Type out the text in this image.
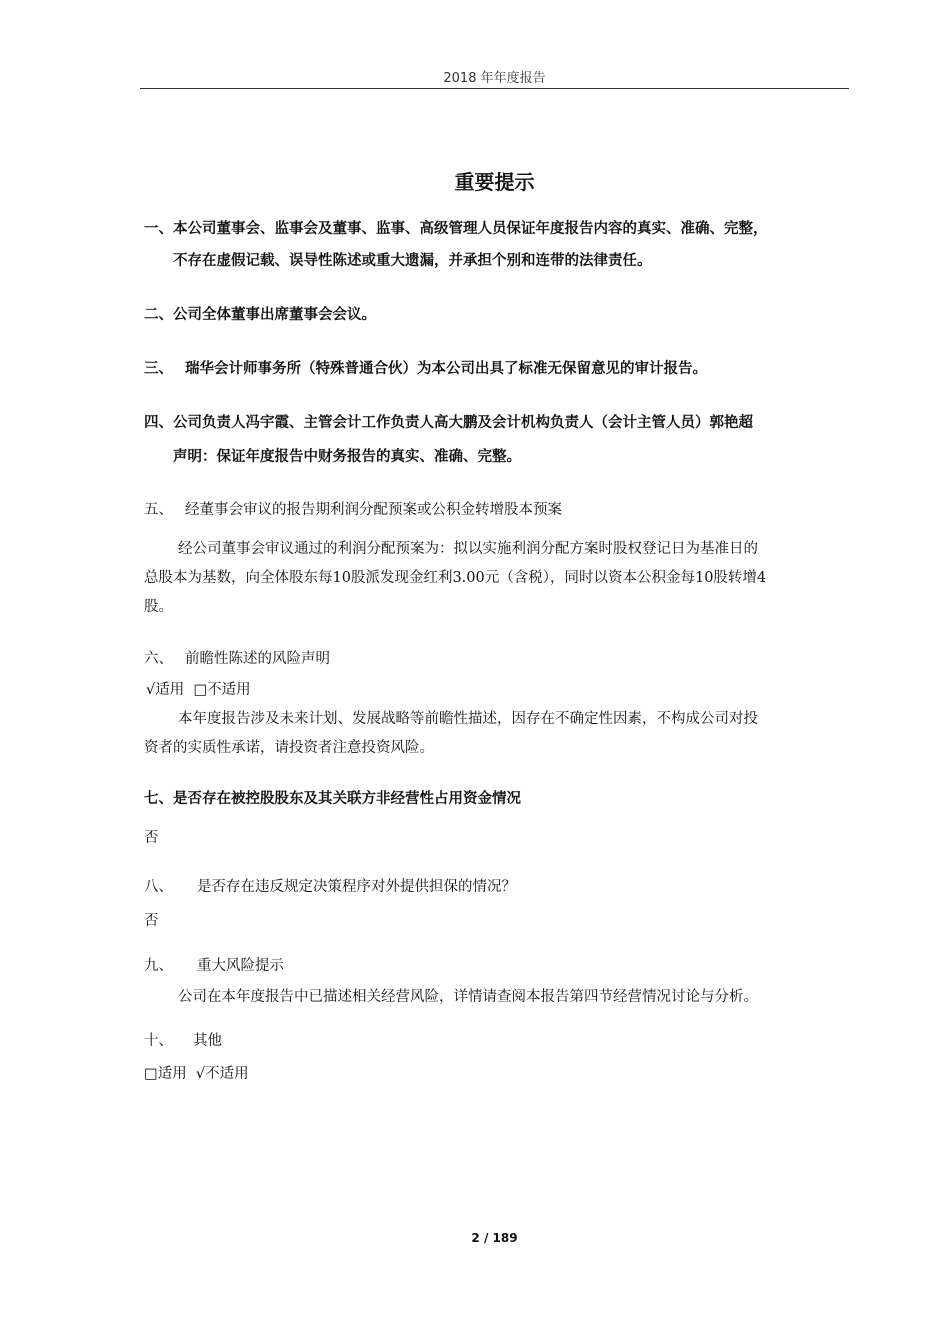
2018 年年度报告
重要提示
一、本公司董事会、监事会及董事、监事、高级管理人员保证年度报告内容的真实、准确、完整，
不存在虚假记载、误导性陈述或重大遗漏，并承担个别和连带的法律责任。
二、公司全体董事出席董事会会议。
三、 瑞华会计师事务所（特殊普通合伙）为本公司出具了标准无保留意见的审计报告。
四、公司负责人冯宇霞、主管会计工作负责人高大鹏及会计机构负责人（会计主管人员）郭艳超
声明：保证年度报告中财务报告的真实、准确、完整。
五、 经董事会审议的报告期利润分配预案或公积金转增股本预案
经公司董事会审议通过的利润分配预案为：拟以实施利润分配方案时股权登记日为基准日的
总股本为基数，向全体股东每10股派发现金红利3.00元（含税），同时以资本公积金每10股转增4
股。
六、 前瞻性陈述的风险声明
√适用  □不适用
本年度报告涉及未来计划、发展战略等前瞻性描述，因存在不确定性因素，不构成公司对投
资者的实质性承诺，请投资者注意投资风险。
七、是否存在被控股股东及其关联方非经营性占用资金情况
否
八、 是否存在违反规定决策程序对外提供担保的情况？
否
九、 重大风险提示
公司在本年度报告中已描述相关经营风险，详情请查阅本报告第四节经营情况讨论与分析。
十、 其他
□适用  √不适用
2 / 189
